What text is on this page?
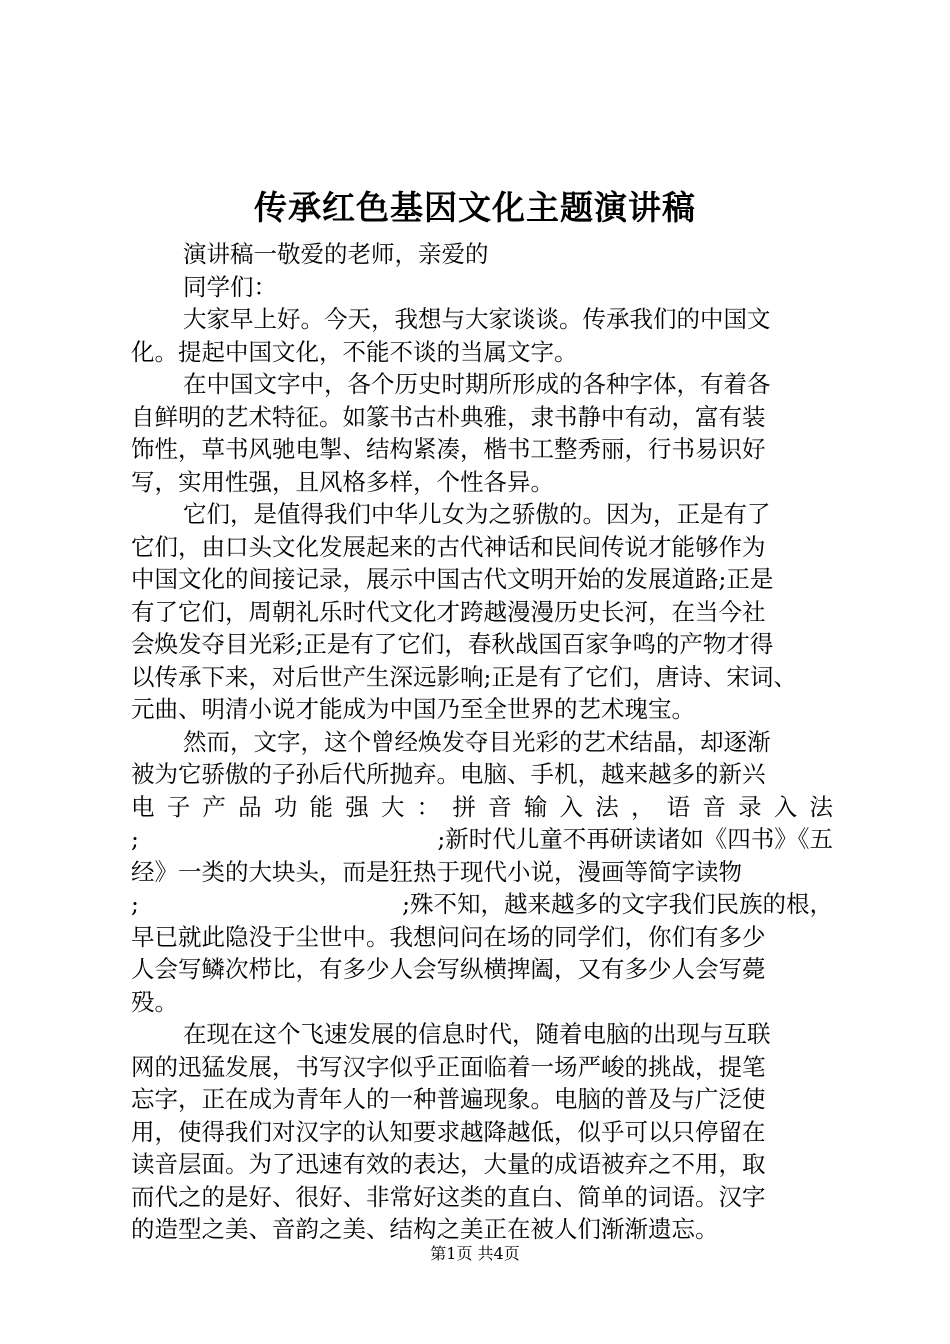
传承红色基因文化主题演讲稿
演讲稿一敬爱的老师，亲爱的
同学们：
大家早上好。今天，我想与大家谈谈。传承我们的中国文
化。提起中国文化，不能不谈的当属文字。
在中国文字中，各个历史时期所形成的各种字体，有着各
自鲜明的艺术特征。如篆书古朴典雅，隶书静中有动，富有装
饰性，草书风驰电掣、结构紧凑，楷书工整秀丽，行书易识好
写，实用性强，且风格多样，个性各异。
它们，是值得我们中华儿女为之骄傲的。因为，正是有了
它们，由口头文化发展起来的古代神话和民间传说才能够作为
中国文化的间接记录，展示中国古代文明开始的发展道路;正是
有了它们，周朝礼乐时代文化才跨越漫漫历史长河，在当今社
会焕发夺目光彩;正是有了它们，春秋战国百家争鸣的产物才得
以传承下来，对后世产生深远影响;正是有了它们，唐诗、宋词、
元曲、明清小说才能成为中国乃至全世界的艺术瑰宝。
然而，文字，这个曾经焕发夺目光彩的艺术结晶，却逐渐
被为它骄傲的子孙后代所抛弃。电脑、手机，越来越多的新兴
电子产品功能强大：拼音输入法，语音录入法
;	;新时代儿童不再研读诸如《四书》《五
经》一类的大块头，而是狂热于现代小说，漫画等简字读物
;	;殊不知，越来越多的文字我们民族的根，
早已就此隐没于尘世中。我想问问在场的同学们，你们有多少
人会写鳞次栉比，有多少人会写纵横捭阖，又有多少人会写薨
殁。
在现在这个飞速发展的信息时代，随着电脑的出现与互联
网的迅猛发展，书写汉字似乎正面临着一场严峻的挑战，提笔
忘字，正在成为青年人的一种普遍现象。电脑的普及与广泛使
用，使得我们对汉字的认知要求越降越低，似乎可以只停留在
读音层面。为了迅速有效的表达，大量的成语被弃之不用，取
而代之的是好、很好、非常好这类的直白、简单的词语。汉字
的造型之美、音韵之美、结构之美正在被人们渐渐遗忘。
第1页 共4页
